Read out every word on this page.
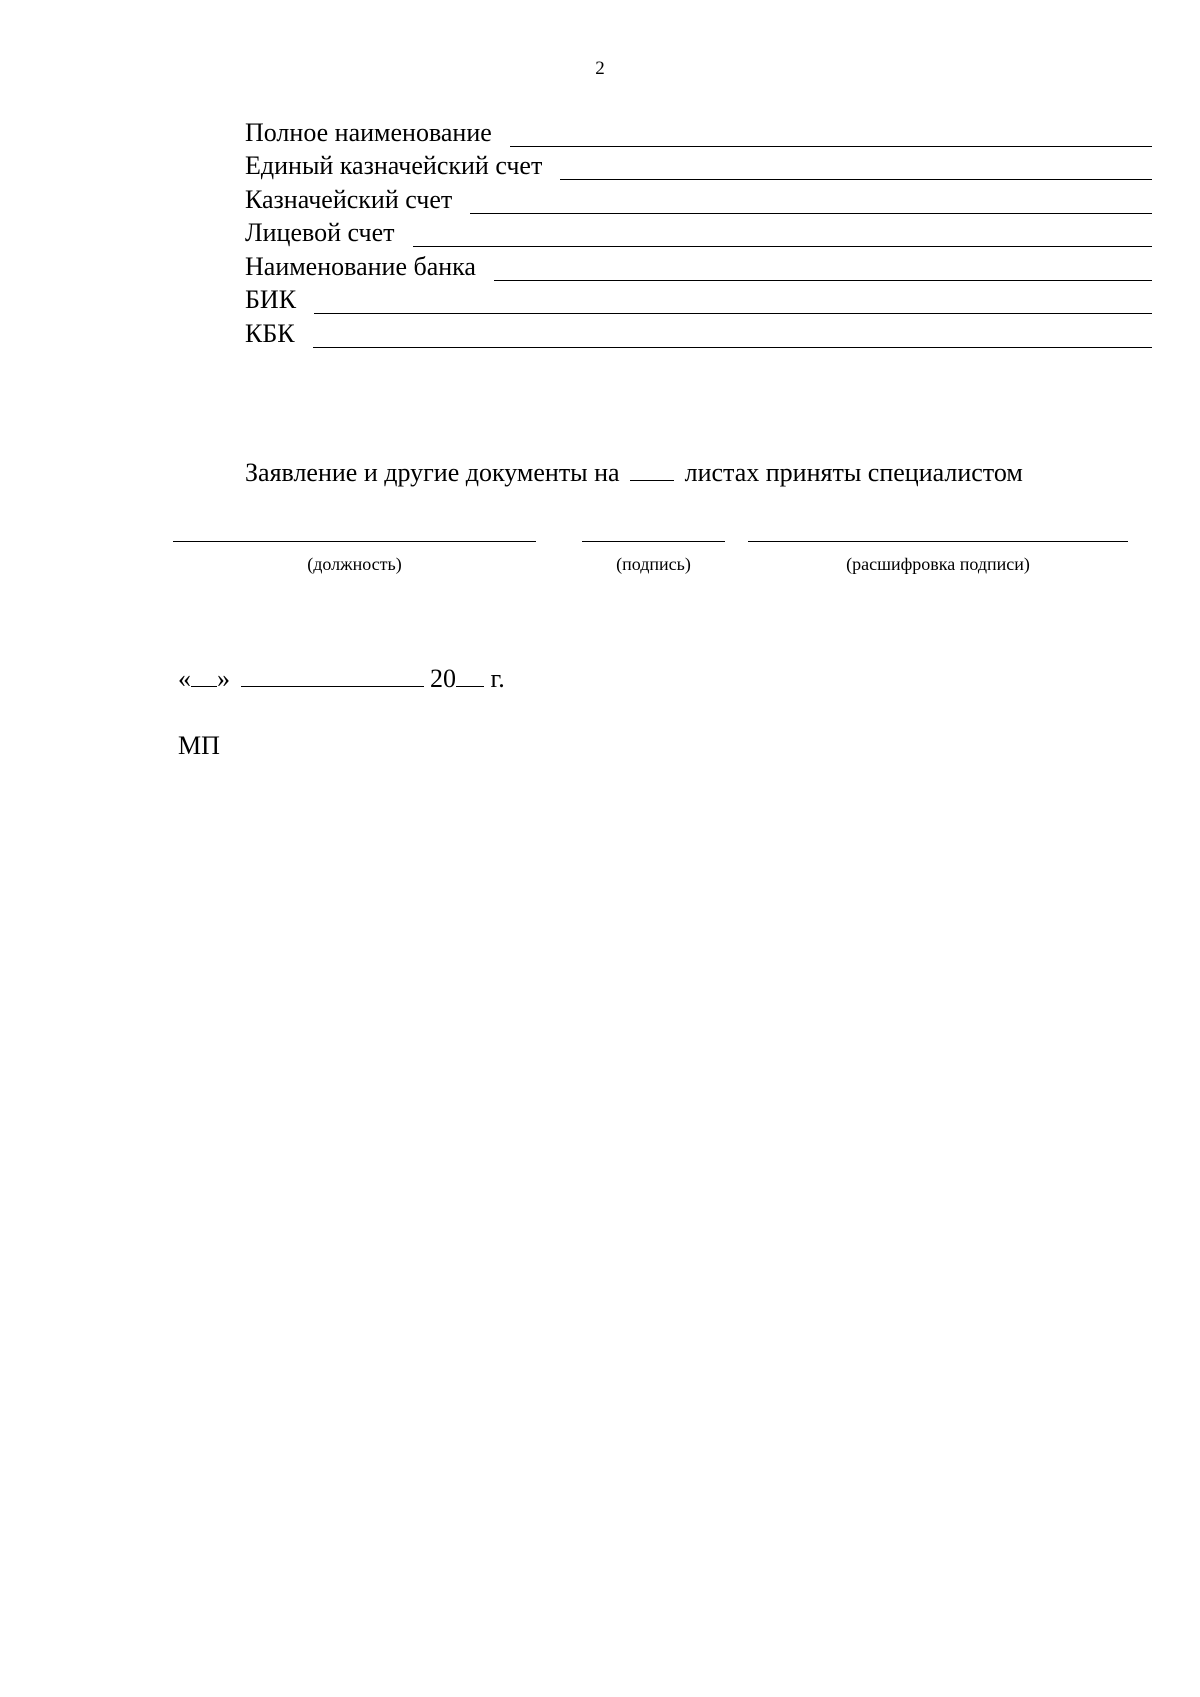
2
Полное наименование
Единый казначейский счет
Казначейский счет
Лицевой счет
Наименование банка
БИК
КБК
Заявление и другие документы на	листах приняты специалистом
(должность)	(подпись)	(расшифровка подписи)
« »	20 г.
МП
